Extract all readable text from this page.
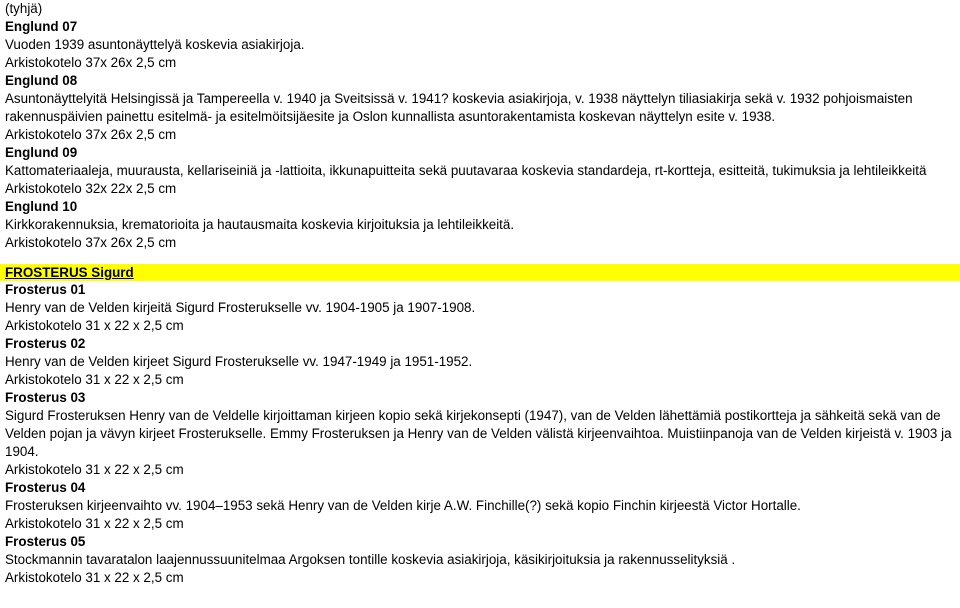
(tyhjä)
Englund 07
Vuoden 1939 asuntonäyttelyä koskevia asiakirjoja.
Arkistokotelo 37x 26x 2,5 cm
Englund 08
Asuntonäyttelyitä Helsingissä ja Tampereella v. 1940 ja Sveitsissä v. 1941? koskevia asiakirjoja, v. 1938 näyttelyn tiliasiakirja sekä v. 1932 pohjoismaisten rakennuspäivien painettu esitelmä- ja esitelmöitsijäesite ja Oslon kunnallista asuntorakentamista koskevan näyttelyn esite v. 1938.
Arkistokotelo 37x 26x 2,5 cm
Englund 09
Kattomateriaaleja, muurausta, kellariseiniä ja -lattioita, ikkunapuitteita sekä puutavaraa koskevia standardeja, rt-kortteja, esitteitä, tukimuksia ja lehtileikkeitä
Arkistokotelo 32x 22x 2,5 cm
Englund 10
Kirkkorakennuksia, krematorioita ja hautausmaita koskevia kirjoituksia ja lehtileikkeitä.
Arkistokotelo 37x 26x 2,5 cm
FROSTERUS Sigurd
Frosterus 01
Henry van de Velden kirjeitä Sigurd Frosterukselle vv. 1904-1905 ja 1907-1908.
Arkistokotelo 31 x 22 x 2,5 cm
Frosterus 02
Henry van de Velden kirjeet Sigurd Frosterukselle vv. 1947-1949 ja 1951-1952.
Arkistokotelo 31 x 22 x 2,5 cm
Frosterus 03
Sigurd Frosteruksen Henry van de Veldelle kirjoittaman kirjeen kopio sekä kirjekonsepti (1947), van de Velden lähettämiä postikortteja ja sähkeitä sekä van de Velden pojan ja vävyn kirjeet Frosterukselle. Emmy Frosteruksen ja Henry van de Velden välistä kirjeenvaihtoa. Muistiinpanoja van de Velden kirjeistä v. 1903 ja 1904.
Arkistokotelo 31 x 22 x 2,5 cm
Frosterus 04
Frosteruksen kirjeenvaihto vv. 1904–1953 sekä Henry van de Velden kirje A.W. Finchille(?) sekä kopio Finchin kirjeestä Victor Hortalle.
Arkistokotelo 31 x 22 x 2,5 cm
Frosterus 05
Stockmannin tavaratalon laajennussuunitelmaa Argoksen tontille koskevia asiakirjoja, käsikirjoituksia ja rakennusselityksiä .
Arkistokotelo 31 x 22 x 2,5 cm
